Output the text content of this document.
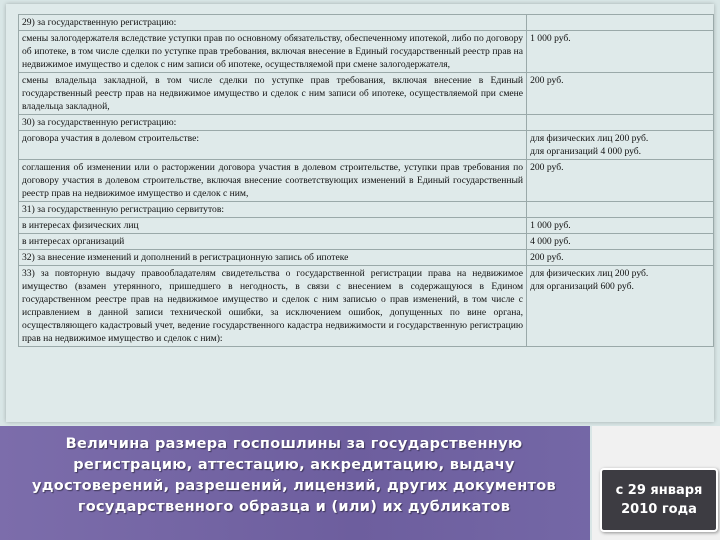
29) за государственную регистрацию:	
смены залогодержателя вследствие уступки прав по основному обязательству, обеспеченному ипотекой, либо по договору об ипотеке, в том числе сделки по уступке прав требования, включая внесение в Единый государственный реестр прав на недвижимое имущество и сделок с ним записи об ипотеке, осуществляемой при смене залогодержателя,	1 000 руб.
смены владельца закладной, в том числе сделки по уступке прав требования, включая внесение в Единый государственный реестр прав на недвижимое имущество и сделок с ним записи об ипотеке, осуществляемой при смене владельца закладной,	200 руб.
30) за государственную регистрацию:	
договора участия в долевом строительстве:	для физических лиц 200 руб.
для организаций 4 000 руб.
соглашения об изменении или о расторжении договора участия в долевом строительстве, уступки прав требования по договору участия в долевом строительстве, включая внесение соответствующих изменений в Единый государственный реестр прав на недвижимое имущество и сделок с ним,	200 руб.
31) за государственную регистрацию сервитутов:	
в интересах физических лиц	1 000 руб.
в интересах организаций	4 000 руб.
32) за внесение изменений и дополнений в регистрационную запись об ипотеке	200 руб.
33) за повторную выдачу правообладателям свидетельства о государственной регистрации права на недвижимое имущество (взамен утерянного, пришедшего в негодность, в связи с внесением в содержащуюся в Едином государственном реестре прав на недвижимое имущество и сделок с ним записью о прав изменений, в том числе с исправлением в данной записи технической ошибки, за исключением ошибок, допущенных по вине органа, осуществляющего кадастровый учет, ведение государственного кадастра недвижимости и государственную регистрацию прав на недвижимое имущество и сделок с ним):	для физических лиц 200 руб.
для организаций 600 руб.
Величина размера госпошлины за государственную регистрацию, аттестацию, аккредитацию, выдачу удостоверений, разрешений, лицензий, других документов государственного образца и (или) их дубликатов
с 29 января
2010 года
